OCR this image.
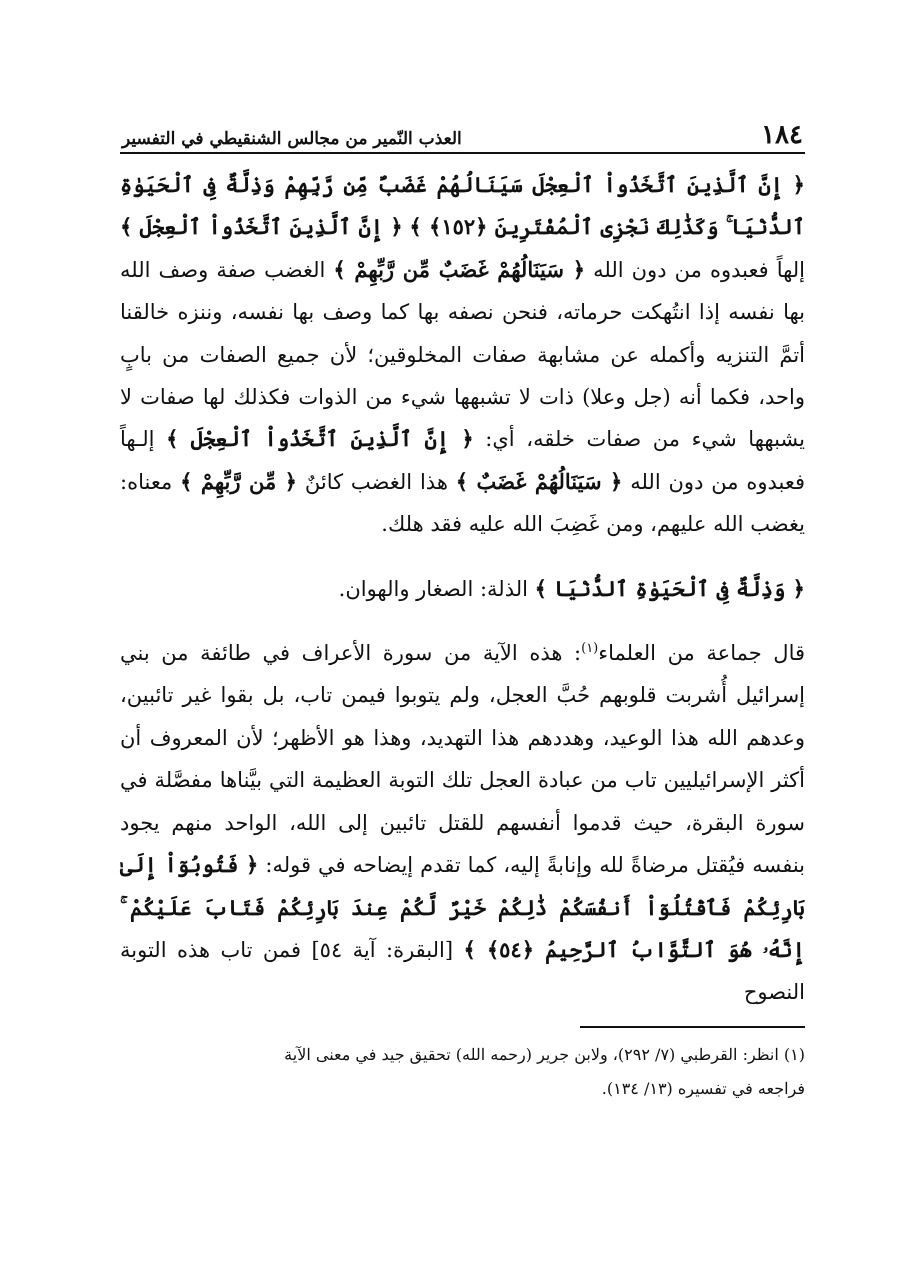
١٨٤
العذب النّمير من مجالس الشنقيطي في التفسير

﴿ إِنَّ ٱلَّذِينَ ٱتَّخَذُواْ ٱلْعِجْلَ سَيَنَالُهُمْ غَضَبٌ مِّن رَّبِّهِمْ وَذِلَّةٌ فِى ٱلْحَيَوٰةِ ٱلدُّنْيَا ۚ وَكَذَٰلِكَ نَجْزِى ٱلْمُفْتَرِينَ ﴿١٥٢﴾ ﴾ ﴿ إِنَّ ٱلَّذِينَ ٱتَّخَذُواْ ٱلْعِجْلَ ﴾ إلهاً فعبدوه من دون الله ﴿ سَيَنَالُهُمْ غَضَبٌ مِّن رَّبِّهِمْ ﴾ الغضب صفة وصف الله بها نفسه إذا انتُهكت حرماته، فنحن نصفه بها كما وصف بها نفسه، وننزه خالقنا أتمَّ التنزيه وأكمله عن مشابهة صفات المخلوقين؛ لأن جميع الصفات من بابٍ واحد، فكما أنه (جل وعلا) ذات لا تشبهها شيء من الذوات فكذلك لها صفات لا يشبهها شيء من صفات خلقه، أي: ﴿ إِنَّ ٱلَّذِينَ ٱتَّخَذُواْ ٱلْعِجْلَ ﴾ إلـهاً فعبدوه من دون الله ﴿ سَيَنَالُهُمْ غَضَبٌ ﴾ هذا الغضب كائنٌ ﴿ مِّن رَّبِّهِمْ ﴾ معناه: يغضب الله عليهم، ومن غَضِبَ الله عليه فقد هلك.

﴿ وَذِلَّةٌ فِى ٱلْحَيَوٰةِ ٱلدُّنْيَا ﴾ الذلة: الصغار والهوان.

قال جماعة من العلماء$^{(١)}$: هذه الآية من سورة الأعراف في طائفة من بني إسرائيل أُشربت قلوبهم حُبَّ العجل، ولم يتوبوا فيمن تاب، بل بقوا غير تائبين، وعدهم الله هذا الوعيد، وهددهم هذا التهديد، وهذا هو الأظهر؛ لأن المعروف أن أكثر الإسرائيليين تاب من عبادة العجل تلك التوبة العظيمة التي بيَّناها مفصَّلة في سورة البقرة، حيث قدموا أنفسهم للقتل تائبين إلى الله، الواحد منهم يجود بنفسه فيُقتل مرضاةً لله وإنابةً إليه، كما تقدم إيضاحه في قوله: ﴿ فَتُوبُوٓاْ إِلَىٰ بَارِئِكُمْ فَٱقْتُلُوٓاْ أَنفُسَكُمْ ذَٰلِكُمْ خَيْرٌ لَّكُمْ عِندَ بَارِئِكُمْ فَتَابَ عَلَيْكُمْ ۚ إِنَّهُۥ هُوَ ٱلتَّوَّابُ ٱلرَّحِيمُ ﴿٥٤﴾ ﴾ [البقرة: آية ٥٤] فمن تاب هذه التوبة النصوح

(١) انظر: القرطبي (٧/ ٢٩٢)، ولابن جرير (رحمه الله) تحقيق جيد في معنى الآية

فراجعه في تفسيره (١٣/ ١٣٤).
